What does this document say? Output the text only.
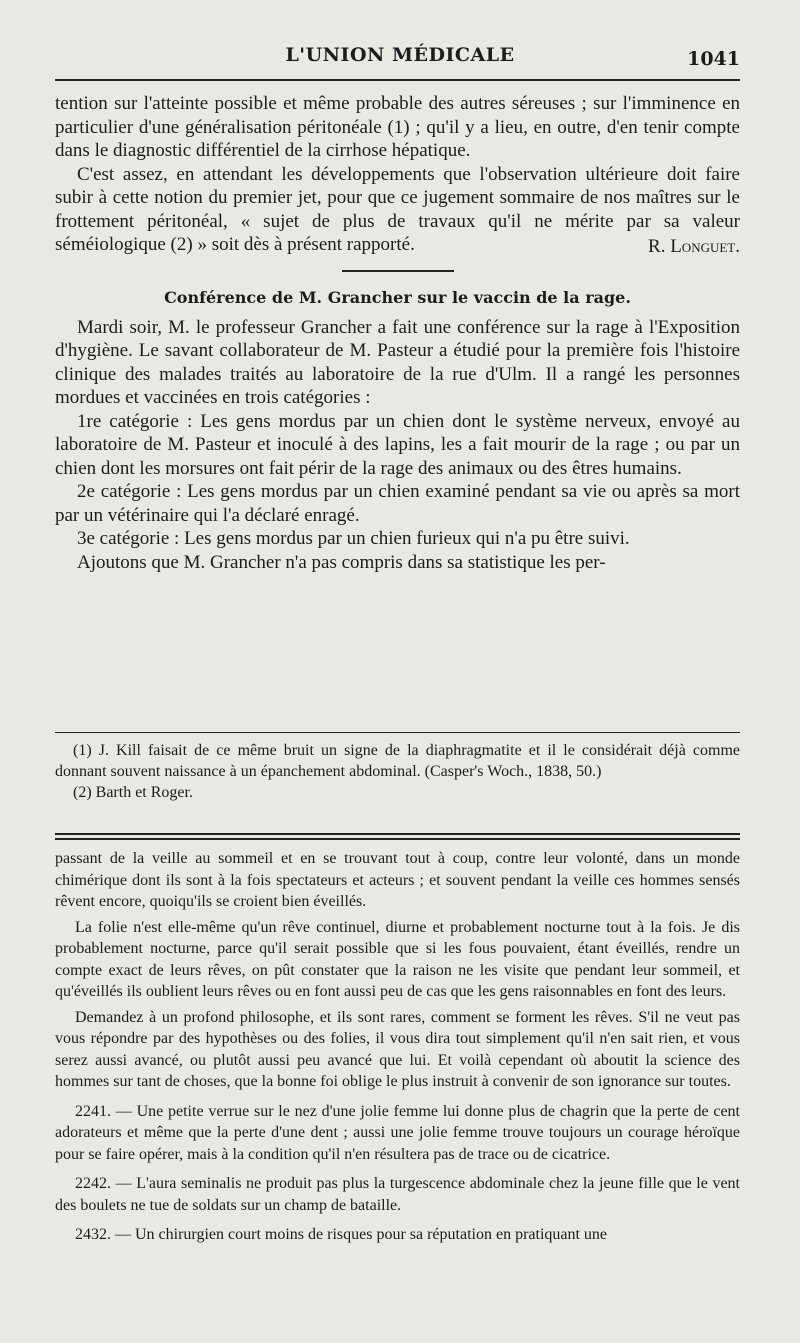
L'UNION MÉDICALE	1041

tention sur l'atteinte possible et même probable des autres séreuses ; sur l'imminence en particulier d'une généralisation péritonéale (1) ; qu'il y a lieu, en outre, d'en tenir compte dans le diagnostic différentiel de la cirrhose hépatique.

C'est assez, en attendant les développements que l'observation ultérieure doit faire subir à cette notion du premier jet, pour que ce jugement sommaire de nos maîtres sur le frottement péritonéal, « sujet de plus de travaux qu'il ne mérite par sa valeur séméiologique (2) » soit dès à présent rapporté.	R. Longuet.

Conférence de M. Grancher sur le vaccin de la rage.

Mardi soir, M. le professeur Grancher a fait une conférence sur la rage à l'Exposition d'hygiène. Le savant collaborateur de M. Pasteur a étudié pour la première fois l'histoire clinique des malades traités au laboratoire de la rue d'Ulm. Il a rangé les personnes mordues et vaccinées en trois catégories :

1re catégorie : Les gens mordus par un chien dont le système nerveux, envoyé au laboratoire de M. Pasteur et inoculé à des lapins, les a fait mourir de la rage ; ou par un chien dont les morsures ont fait périr de la rage des animaux ou des êtres humains.

2e catégorie : Les gens mordus par un chien examiné pendant sa vie ou après sa mort par un vétérinaire qui l'a déclaré enragé.

3e catégorie : Les gens mordus par un chien furieux qui n'a pu être suivi.

Ajoutons que M. Grancher n'a pas compris dans sa statistique les per-

(1) J. Kill faisait de ce même bruit un signe de la diaphragmatite et il le considérait déjà comme donnant souvent naissance à un épanchement abdominal. (Casper's Woch., 1838, 50.)

(2) Barth et Roger.

passant de la veille au sommeil et en se trouvant tout à coup, contre leur volonté, dans un monde chimérique dont ils sont à la fois spectateurs et acteurs ; et souvent pendant la veille ces hommes sensés rêvent encore, quoiqu'ils se croient bien éveillés.

La folie n'est elle-même qu'un rêve continuel, diurne et probablement nocturne tout à la fois. Je dis probablement nocturne, parce qu'il serait possible que si les fous pouvaient, étant éveillés, rendre un compte exact de leurs rêves, on pût constater que la raison ne les visite que pendant leur sommeil, et qu'éveillés ils oublient leurs rêves ou en font aussi peu de cas que les gens raisonnables en font des leurs.

Demandez à un profond philosophe, et ils sont rares, comment se forment les rêves. S'il ne veut pas vous répondre par des hypothèses ou des folies, il vous dira tout simplement qu'il n'en sait rien, et vous serez aussi avancé, ou plutôt aussi peu avancé que lui. Et voilà cependant où aboutit la science des hommes sur tant de choses, que la bonne foi oblige le plus instruit à convenir de son ignorance sur toutes.

2241. — Une petite verrue sur le nez d'une jolie femme lui donne plus de chagrin que la perte de cent adorateurs et même que la perte d'une dent ; aussi une jolie femme trouve toujours un courage héroïque pour se faire opérer, mais à la condition qu'il n'en résultera pas de trace ou de cicatrice.

2242. — L'aura seminalis ne produit pas plus la turgescence abdominale chez la jeune fille que le vent des boulets ne tue de soldats sur un champ de bataille.

2432. — Un chirurgien court moins de risques pour sa réputation en pratiquant une
